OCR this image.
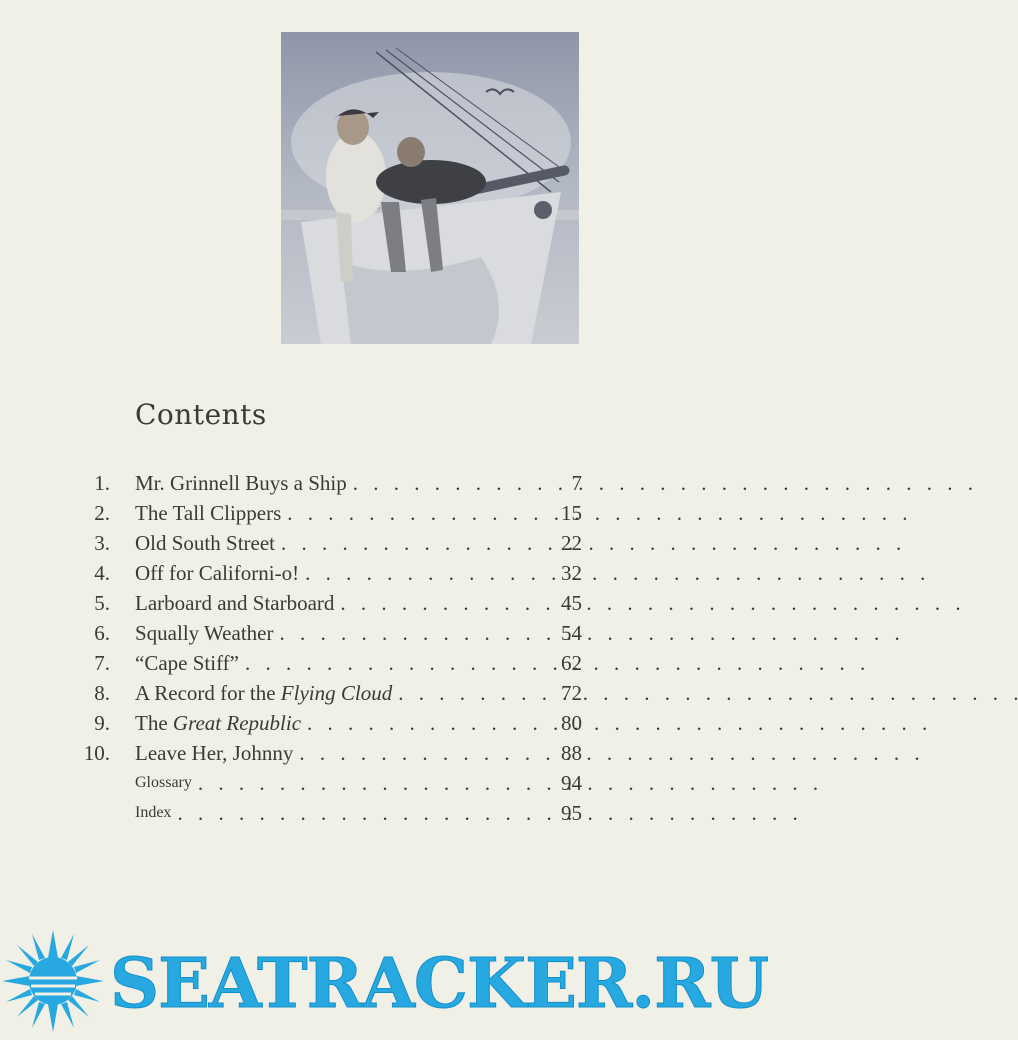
Contents
1. Mr. Grinnell Buys a Ship . . .	7
2. The Tall Clippers . . .	15
3. Old South Street . . .	22
4. Off for Californi-o! . . .	32
5. Larboard and Starboard . . .	45
6. Squally Weather . . .	54
7. “Cape Stiff” . . .	62
8. A Record for the Flying Cloud . . .	72
9. The Great Republic . . .	80
10. Leave Her, Johnny . . .	88
Glossary . . .	94
Index . . .	95
SEATRACKER.RU
